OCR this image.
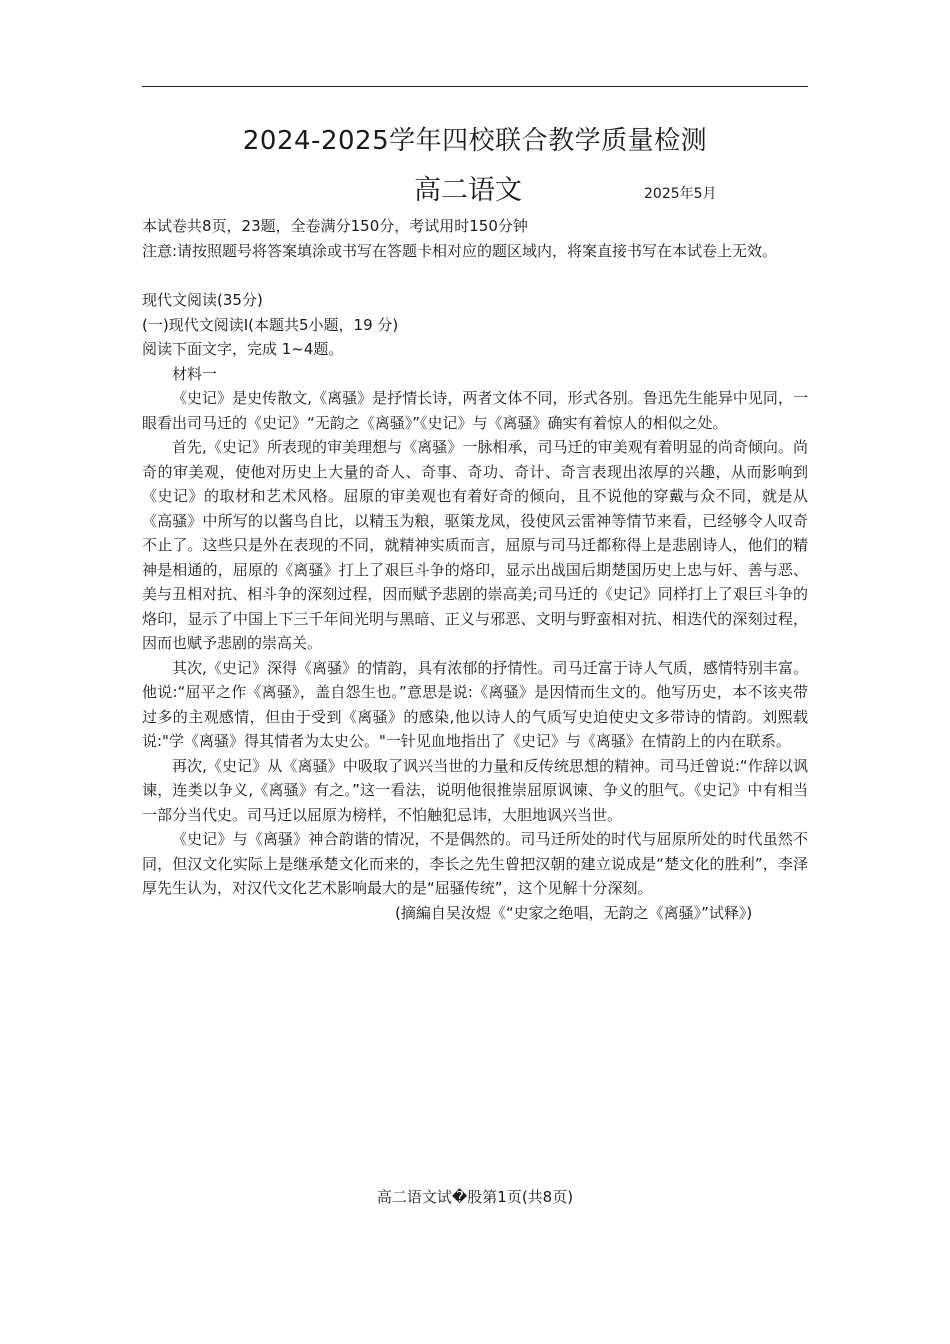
2024-2025学年四校联合教学质量检测
高二语文	2025年5月

本试卷共8页，23题，全卷满分150分，考试用时150分钟

注意:请按照题号将答案填涂或书写在答题卡相对应的题区域内，将案直接书写在本试卷上无效。

现代文阅读(35分)

(一)现代文阅读I(本题共5小题，19 分)

阅读下面文字，完成 1~4题。

材料一

《史记》是史传散文,《离骚》是抒情长诗，两者文体不同，形式各别。鲁迅先生能异中见同，一眼看出司马迁的《史记》“无韵之《离骚》”《史记》与《离骚》确实有着惊人的相似之处。

首先,《史记》所表现的审美理想与《离骚》一脉相承，司马迁的审美观有着明显的尚奇倾向。尚奇的审美观，使他对历史上大量的奇人、奇事、奇功、奇计、奇言表现出浓厚的兴趣，从而影响到《史记》的取材和艺术风格。屈原的审美观也有着好奇的倾向，且不说他的穿戴与众不同，就是从《高骚》中所写的以酱鸟自比，以精玉为粮，驱策龙凤，役使风云雷神等情节来看，已经够令人叹奇不止了。这些只是外在表现的不同，就精神实质而言，屈原与司马迁都称得上是悲剧诗人，他们的精神是相通的，屈原的《离骚》打上了艰巨斗争的烙印，显示出战国后期楚国历史上忠与奸、善与恶、美与丑相对抗、相斗争的深刻过程，因而赋予悲剧的崇高美;司马迁的《史记》同样打上了艰巨斗争的烙印，显示了中国上下三千年间光明与黑暗、正义与邪恶、文明与野蛮相对抗、相迭代的深刻过程，因而也赋予悲剧的崇高关。

其次,《史记》深得《离骚》的情韵，具有浓郁的抒情性。司马迁富于诗人气质，感情特别丰富。他说:“屈平之作《离骚》，盖自怨生也。”意思是说:《离骚》是因情而生文的。他写历史，本不该夹带过多的主观感情，但由于受到《离骚》的感染,他以诗人的气质写史迫使史文多带诗的情韵。刘熙载说:"学《离骚》得其情者为太史公。"一针见血地指出了《史记》与《离骚》在情韵上的内在联系。

再次,《史记》从《离骚》中吸取了讽兴当世的力量和反传统思想的精神。司马迁曾说:“作辞以讽谏，连类以争义,《离骚》有之。”这一看法，说明他很推崇屈原讽谏、争义的胆气。《史记》中有相当一部分当代史。司马迁以屈原为榜样，不怕触犯忌讳，大胆地讽兴当世。

《史记》与《离骚》神合韵谐的情况，不是偶然的。司马迁所处的时代与屈原所处的时代虽然不同，但汉文化实际上是继承楚文化而来的，李长之先生曾把汉朝的建立说成是“楚文化的胜利”，李泽厚先生认为，对汉代文化艺术影响最大的是“屈骚传统”，这个见解十分深刻。

(摘編自吴汝煜《“史家之绝唱，无韵之《离骚》”试释》)

高二语文试�股第1页(共8页)
